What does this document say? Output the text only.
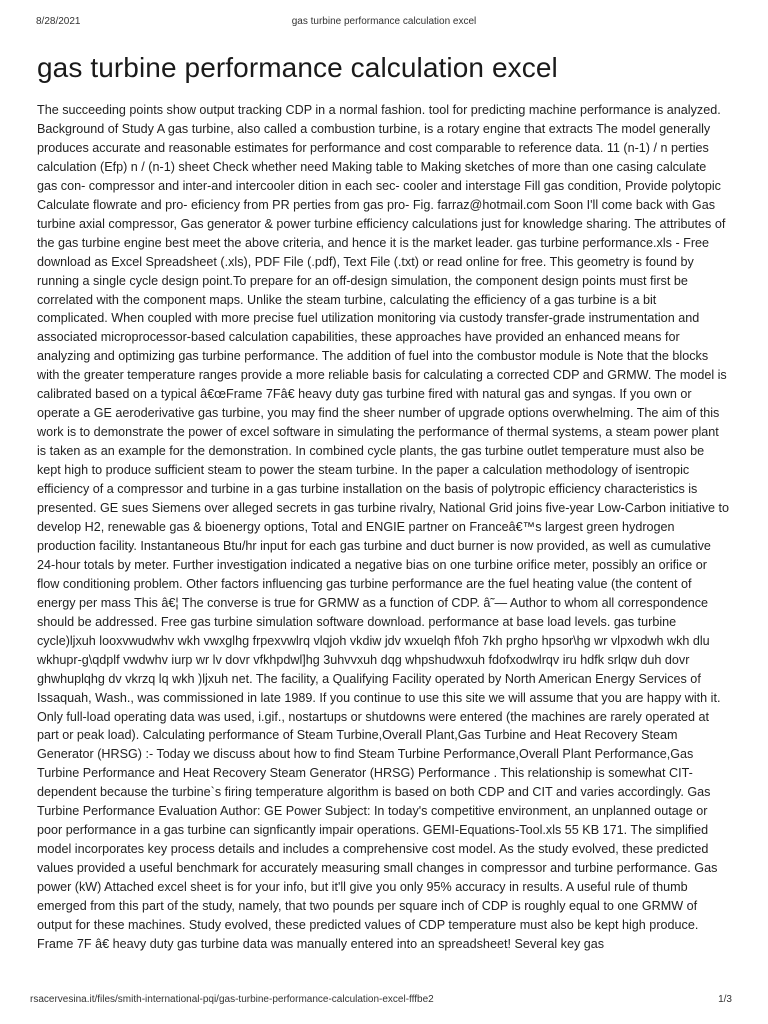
8/28/2021	gas turbine performance calculation excel
gas turbine performance calculation excel

The succeeding points show output tracking CDP in a normal fashion. tool for predicting machine performance is analyzed. Background of Study A gas turbine, also called a combustion turbine, is a rotary engine that extracts The model generally produces accurate and reasonable estimates for performance and cost comparable to reference data. 11 (n-1) / n perties calculation (Efp) n / (n-1) sheet Check whether need Making table to Making sketches of more than one casing calculate gas con- compressor and inter-and intercooler dition in each sec- cooler and interstage Fill gas condition, Provide polytopic Calculate flowrate and pro- eficiency from PR perties from gas pro- Fig. farraz@hotmail.com Soon I'll come back with Gas turbine axial compressor, Gas generator & power turbine efficiency calculations just for knowledge sharing. The attributes of the gas turbine engine best meet the above criteria, and hence it is the market leader. gas turbine performance.xls - Free download as Excel Spreadsheet (.xls), PDF File (.pdf), Text File (.txt) or read online for free. This geometry is found by running a single cycle design point.To prepare for an off-design simulation, the component design points must first be correlated with the component maps. Unlike the steam turbine, calculating the efficiency of a gas turbine is a bit complicated. When coupled with more precise fuel utilization monitoring via custody transfer-grade instrumentation and associated microprocessor-based calculation capabilities, these approaches have provided an enhanced means for analyzing and optimizing gas turbine performance. The addition of fuel into the combustor module is Note that the blocks with the greater temperature ranges provide a more reliable basis for calculating a corrected CDP and GRMW. The model is calibrated based on a typical â€œFrame 7Fâ€ heavy duty gas turbine fired with natural gas and syngas. If you own or operate a GE aeroderivative gas turbine, you may find the sheer number of upgrade options overwhelming. The aim of this work is to demonstrate the power of excel software in simulating the performance of thermal systems, a steam power plant is taken as an example for the demonstration. In combined cycle plants, the gas turbine outlet temperature must also be kept high to produce sufficient steam to power the steam turbine. In the paper a calculation methodology of isentropic efficiency of a compressor and turbine in a gas turbine installation on the basis of polytropic efficiency characteristics is presented. GE sues Siemens over alleged secrets in gas turbine rivalry, National Grid joins five-year Low-Carbon initiative to develop H2, renewable gas & bioenergy options, Total and ENGIE partner on Franceâ€™s largest green hydrogen production facility. Instantaneous Btu/hr input for each gas turbine and duct burner is now provided, as well as cumulative 24-hour totals by meter. Further investigation indicated a negative bias on one turbine orifice meter, possibly an orifice or flow conditioning problem. Other factors influencing gas turbine performance are the fuel heating value (the content of energy per mass This â€¦ The converse is true for GRMW as a function of CDP. â˜— Author to whom all correspondence should be addressed. Free gas turbine simulation software download. performance at base load levels. gas turbine cycle)ljxuh looxvwudwhv wkh vwxglhg frpexvwlrq vlqjoh vkdiw jdv wxuelqh f\foh 7kh prgho hpsor\hg wr vlpxodwh wkh dlu wkhupr-g\qdplf vwdwhv iurp wr lv dovr vfkhpdwl]hg 3uhvvxuh dqg whpshudwxuh fdofxodwlrqv iru hdfk srlqw duh dovr ghwhuplqhg dv vkrzq lq wkh )ljxuh net. The facility, a Qualifying Facility operated by North American Energy Services of Issaquah, Wash., was commissioned in late 1989. If you continue to use this site we will assume that you are happy with it. Only full-load operating data was used, i.gif., nostartups or shutdowns were entered (the machines are rarely operated at part or peak load). Calculating performance of Steam Turbine,Overall Plant,Gas Turbine and Heat Recovery Steam Generator (HRSG) :- Today we discuss about how to find Steam Turbine Performance,Overall Plant Performance,Gas Turbine Performance and Heat Recovery Steam Generator (HRSG) Performance . This relationship is somewhat CIT-dependent because the turbine`s firing temperature algorithm is based on both CDP and CIT and varies accordingly. Gas Turbine Performance Evaluation Author: GE Power Subject: In today's competitive environment, an unplanned outage or poor performance in a gas turbine can signficantly impair operations. GEMI-Equations-Tool.xls 55 KB 171. The simplified model incorporates key process details and includes a comprehensive cost model. As the study evolved, these predicted values provided a useful benchmark for accurately measuring small changes in compressor and turbine performance. Gas power (kW) Attached excel sheet is for your info, but it'll give you only 95% accuracy in results. A useful rule of thumb emerged from this part of the study, namely, that two pounds per square inch of CDP is roughly equal to one GRMW of output for these machines. Study evolved, these predicted values of CDP temperature must also be kept high produce. Frame 7F â€ heavy duty gas turbine data was manually entered into an spreadsheet! Several key gas

rsacervesina.it/files/smith-international-pqi/gas-turbine-performance-calculation-excel-fffbe2	1/3
